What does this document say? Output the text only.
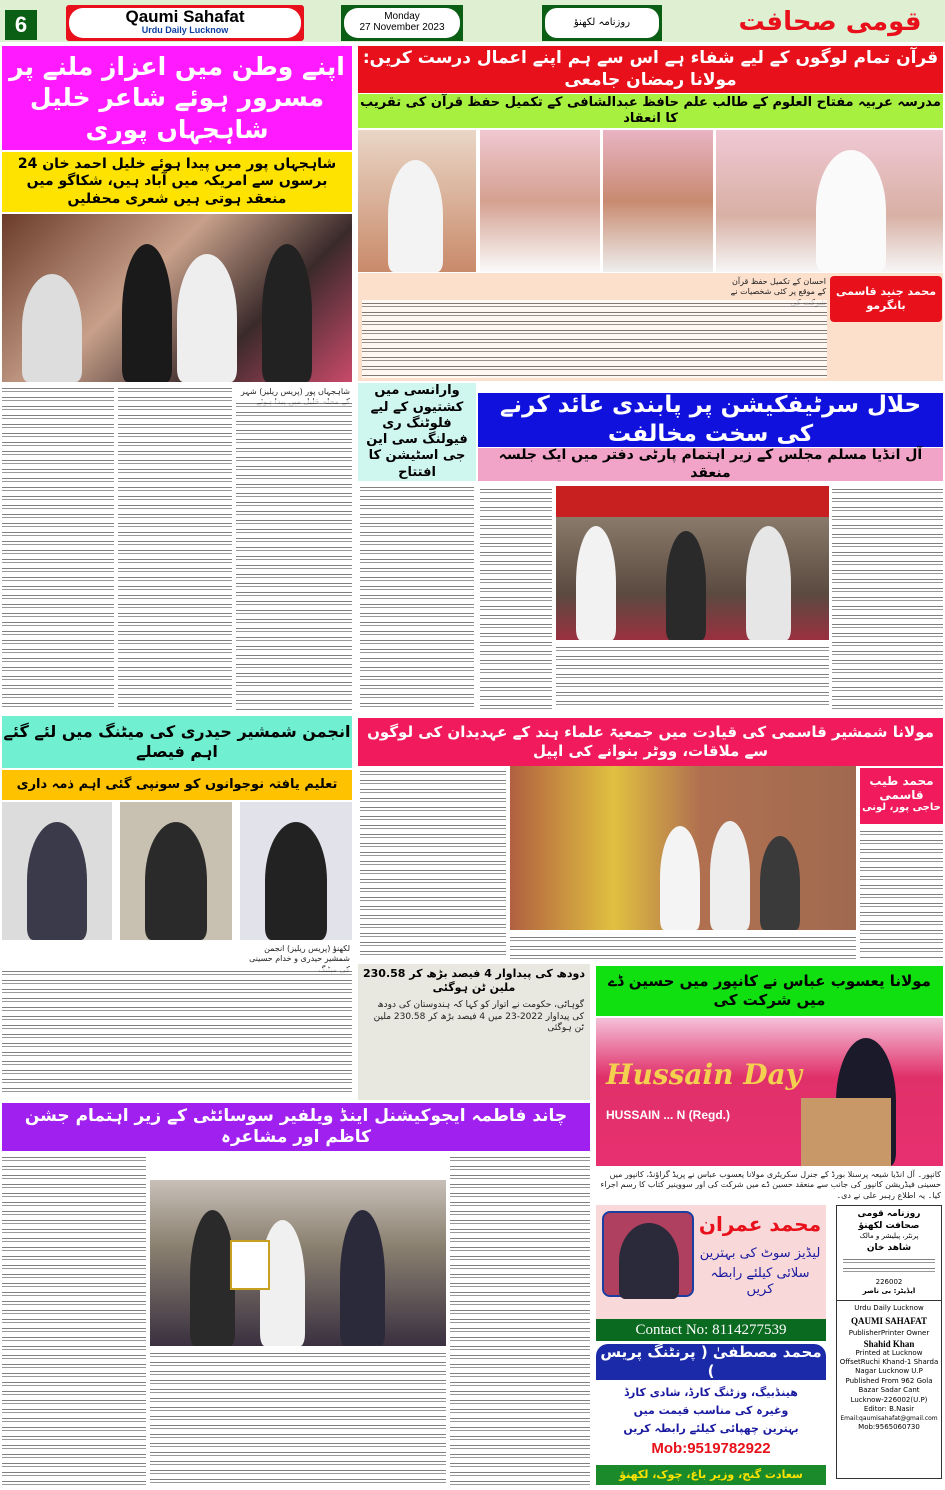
6	Qaumi Sahafat
Urdu Daily Lucknow
Monday
27 November 2023	روزنامہ لکھنؤ	قومی صحافت
اپنے وطن میں اعزاز ملنے پر مسرور ہوئے شاعر خلیل شاہجہاں پوری
شاہجہاں پور میں پیدا ہوئے خلیل احمد خان 24 برسوں سے امریکہ میں آباد ہیں، شکاگو میں منعقد ہوتی ہیں شعری محفلیں
شاہجہاں پور (پریس ریلیز) شہر
قرآن تمام لوگوں کے لیے شفاء ہے اس سے ہم اپنے اعمال درست کریں: مولانا رمضان جامعی
مدرسہ عربیہ مفتاح العلوم کے طالب علم حافظ عبدالشافی کے تکمیل حفظ قرآن کی تقریب کا انعقاد
محمد جنید قاسمی بانگرمو
احسان کے تکمیل حفظ قرآن کے موقع پر کئی شخصیات نے
وارانسی میں کشتیوں کے لیے فلوٹنگ ری فیولنگ سی این جی اسٹیشن کا افتتاح
حلال سرٹیفکیشن پر پابندی عائد کرنے کی سخت مخالفت
آل انڈیا مسلم مجلس کے زیر اہتمام پارٹی دفتر میں ایک جلسہ منعقد
انجمن شمشیر حیدری کی میٹنگ میں لئے گئے اہم فیصلے
تعلیم یافتہ نوجوانوں کو سونپی گئی اہم ذمہ داری
لکھنؤ (پریس ریلیز) انجمن شمشیر حیدری و خدام حسینی
مولانا شمشیر قاسمی کی قیادت میں جمعیۃ علماء ہند کے عہدیدان کی لوگوں سے ملاقات، ووٹر بنوانے کی اپیل
محمد طیب قاسمی
حاجی پور، لونی
دودھ کی پیداوار 4 فیصد بڑھ کر 230.58 ملین ٹن ہوگئی
گوہاٹی، حکومت نے اتوار کو کہا کہ ہندوستان کی دودھ کی پیداوار 2022-23 میں 4 فیصد بڑھ کر 230.58 ملین ٹن ہوگئی
مولانا یعسوب عباس نے کانپور میں حسین ڈے میں شرکت کی
Hussain Day
HUSSAIN ... N (Regd.)
کانپور۔ آل انڈیا شیعہ پرسنلا بورڈ کے جنرل سکریٹری مولانا یعسوب عباس نے پریڈ گراؤنڈ، کانپور میں حسینی فیڈریشن کانپور کی جانب سے منعقد حسین ڈے میں شرکت کی اور سووینیر کتاب کا رسم اجراء کیا۔ یہ اطلاع رہبر علی نے دی۔
چاند فاطمہ ایجوکیشنل اینڈ ویلفیر سوسائٹی کے زیر اہتمام جشن کاظم اور مشاعرہ
محمد عمران
لیڈیز سوٹ کی بہترین
سلائی کیلئے رابطہ کریں
Contact No: 8114277539
محمد مصطفیٰ ( پرنٹنگ پریس )
هینڈبیگ، وزٹنگ کارڈ، شادی کارڈ
وغیرہ کی مناسب قیمت میں
بہترین چھپائی کیلئے رابطہ کریں
Mob:9519782922
سعادت گنج، وزیر باغ، چوک، لکھنؤ
روزنامہ قومی صحافت لکھنؤ
پرنٹر، پبلیشر و مالک
شاهد خان
226002
ایڈیٹر: بی ناصر
Urdu Daily Lucknow
QAUMI SAHAFAT
PublisherPrinter Owner
Shahid Khan
Printed at Lucknow
OffsetRuchi Khand-1 Sharda
Nagar Lucknow U.P
Published From 962 Gola
Bazar Sadar Cant
Lucknow-226002(U.P)
Editor: B.Nasir
Email:qaumisahafat@gmail.com
Mob:9565060730
